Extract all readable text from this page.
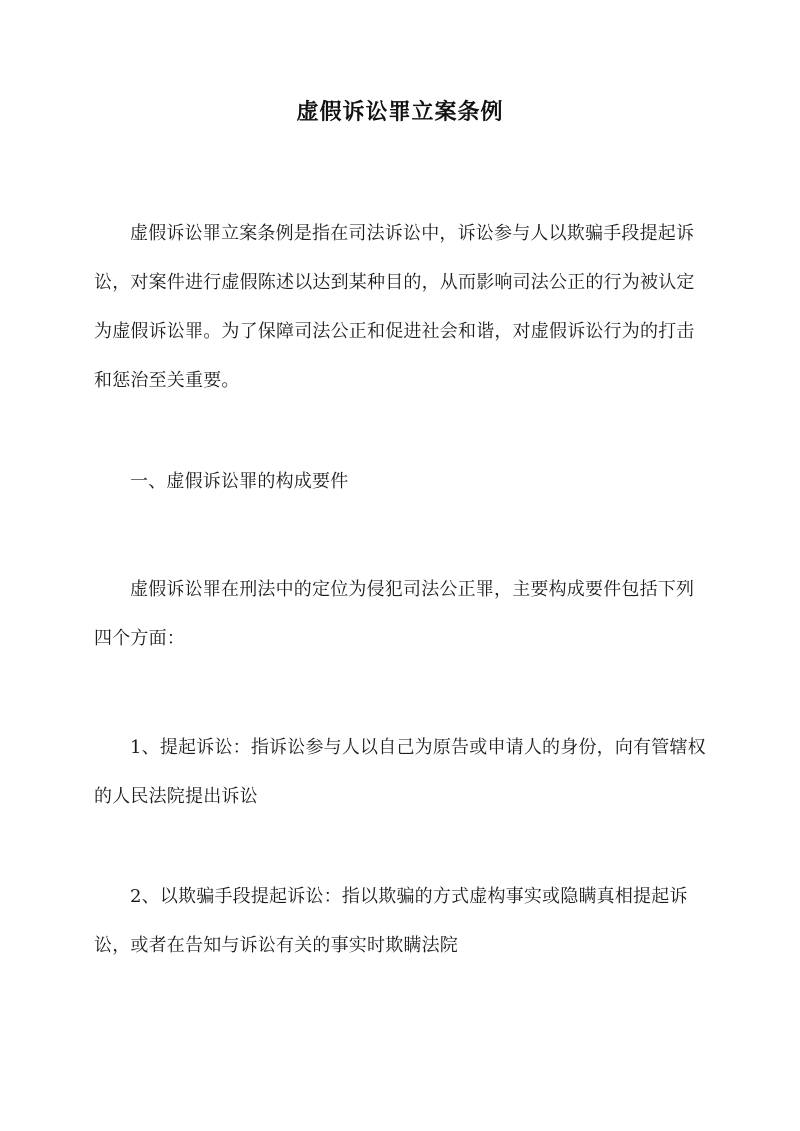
虚假诉讼罪立案条例
虚假诉讼罪立案条例是指在司法诉讼中，诉讼参与人以欺骗手段提起诉讼，对案件进行虚假陈述以达到某种目的，从而影响司法公正的行为被认定为虚假诉讼罪。为了保障司法公正和促进社会和谐，对虚假诉讼行为的打击和惩治至关重要。
一、虚假诉讼罪的构成要件
虚假诉讼罪在刑法中的定位为侵犯司法公正罪，主要构成要件包括下列四个方面：
1、提起诉讼：指诉讼参与人以自己为原告或申请人的身份，向有管辖权的人民法院提出诉讼
2、以欺骗手段提起诉讼：指以欺骗的方式虚构事实或隐瞒真相提起诉讼，或者在告知与诉讼有关的事实时欺瞒法院
